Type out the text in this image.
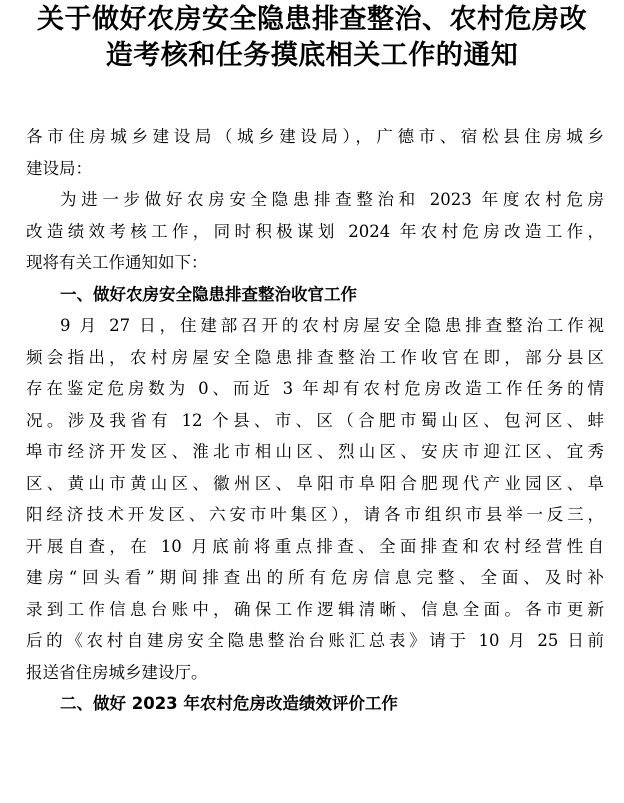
关于做好农房安全隐患排查整治、农村危房改
造考核和任务摸底相关工作的通知
各市住房城乡建设局（城乡建设局），广德市、宿松县住房城乡
建设局：
为进一步做好农房安全隐患排查整治和 2023 年度农村危房
改造绩效考核工作，同时积极谋划 2024 年农村危房改造工作，
现将有关工作通知如下：
一、做好农房安全隐患排查整治收官工作
9 月 27 日，住建部召开的农村房屋安全隐患排查整治工作视
频会指出，农村房屋安全隐患排查整治工作收官在即，部分县区
存在鉴定危房数为 0、而近 3 年却有农村危房改造工作任务的情
况。涉及我省有 12 个县、市、区（合肥市蜀山区、包河区、蚌
埠市经济开发区、淮北市相山区、烈山区、安庆市迎江区、宜秀
区、黄山市黄山区、徽州区、阜阳市阜阳合肥现代产业园区、阜
阳经济技术开发区、六安市叶集区），请各市组织市县举一反三，
开展自查，在 10 月底前将重点排查、全面排查和农村经营性自
建房“回头看”期间排查出的所有危房信息完整、全面、及时补
录到工作信息台账中，确保工作逻辑清晰、信息全面。各市更新
后的《农村自建房安全隐患整治台账汇总表》请于 10 月 25 日前
报送省住房城乡建设厅。
二、做好 2023 年农村危房改造绩效评价工作
